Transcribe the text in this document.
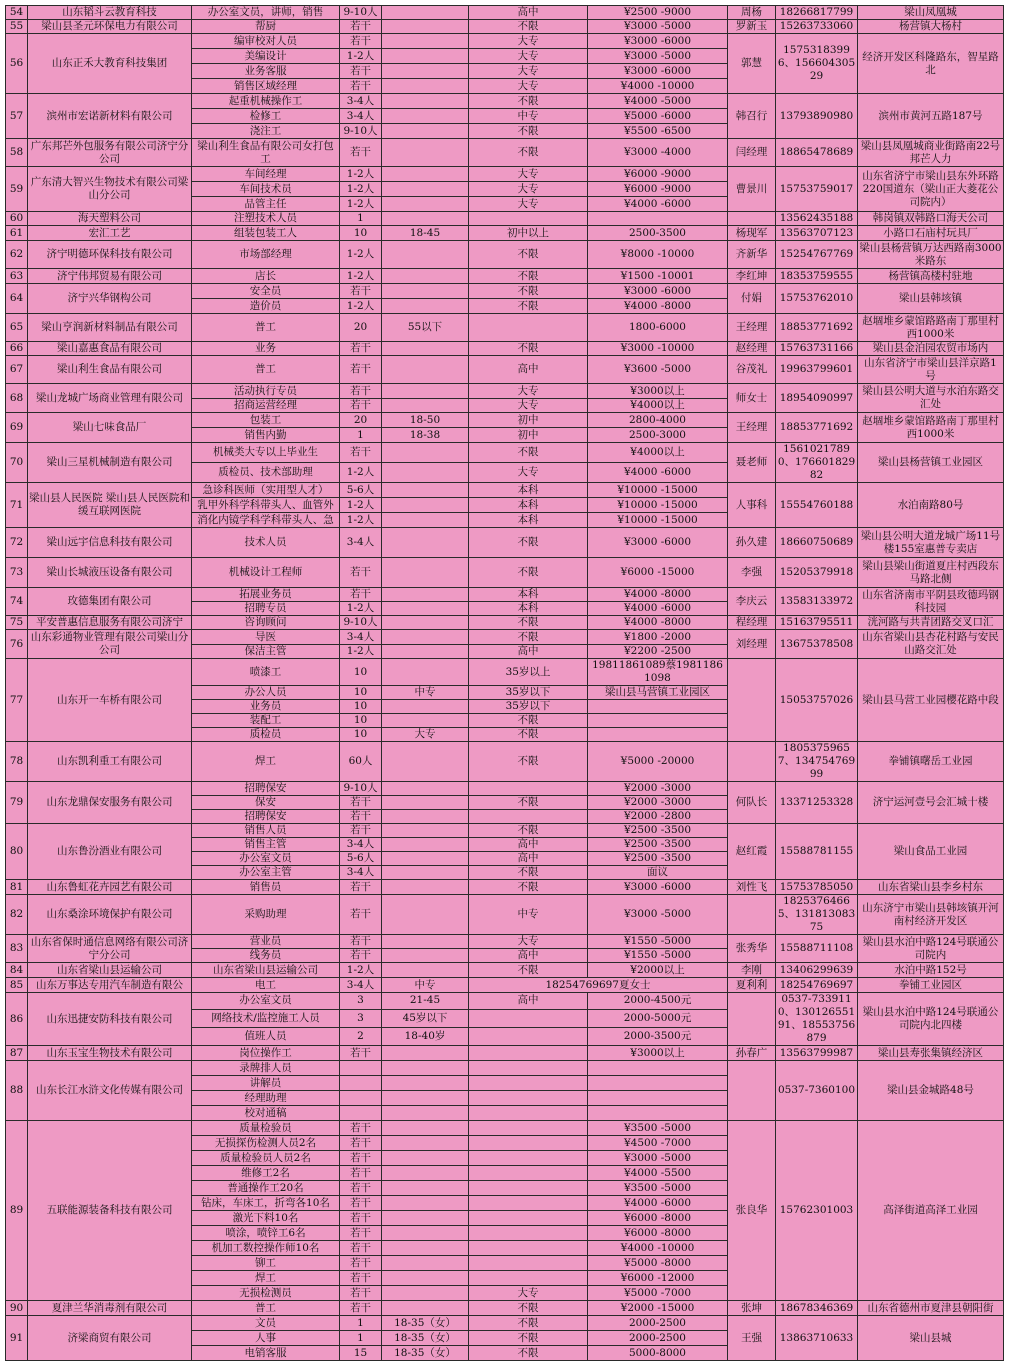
54	山东韬斗云教育科技	办公室文员，讲师，销售	9-10人		高中	¥2500 -9000	周杨	18266817799	梁山凤凰城
55	梁山县圣元环保电力有限公司	帮厨	若干		不限	¥3000 -5000	罗新玉	15263733060	杨营镇大杨村
56	山东正禾大教育科技集团	编审校对人员	若干		大专	¥3000 -6000	郭慧	15753183996、15660430529	经济开发区科隆路东，智星路北
		美编设计	1-2人		大专	¥3000 -5000			
		业务客服	若干		大专	¥3000 -6000			
		销售区域经理	若干		大专	¥4000 -10000			
57	滨州市宏诺新材料有限公司	起重机械操作工	3-4人		不限	¥4000 -5000	韩召行	13793890980	滨州市黄河五路187号
		检修工	3-4人		中专	¥5000 -6000			
		浇注工	9-10人		不限	¥5500 -6500			
58	广东邦芒外包服务有限公司济宁分公司	梁山利生食品有限公司女打包工	若干		不限	¥3000 -4000	闫经理	18865478689	梁山县凤凰城商业街路南22号邦芒人力
59	广东清大智兴生物技术有限公司梁山分公司	车间经理	1-2人		大专	¥6000 -9000	曹景川	15753759017	山东省济宁市梁山县东外环路220国道东（梁山正大菱花公司院内）
		车间技术员	1-2人		大专	¥6000 -9000			
		品管主任	1-2人		大专	¥4000 -6000			
60	海天塑料公司	注塑技术人员	1					13562435188	韩岗镇双韩路口海天公司
61	宏汇工艺	组装包装工人	10	18-45	初中以上	2500-3500	杨现军	13563707123	小路口石庙村玩具厂
62	济宁明德环保科技有限公司	市场部经理	1-2人		不限	¥8000 -10000	齐新华	15254767769	梁山县杨营镇万达西路南3000米路东
63	济宁伟邦贸易有限公司	店长	1-2人		不限	¥1500 -10001	李红坤	18353759555	杨营镇高楼村驻地
64	济宁兴华钢构公司	安全员	若干		不限	¥3000 -6000	付娟	15753762010	梁山县韩垓镇
		造价员	1-2人		不限	¥4000 -8000			
65	梁山亨润新材料制品有限公司	普工	20	55以下		1800-6000	王经理	18853771692	赵堌堆乡蒙馆路路南丁那里村西1000米
66	梁山嘉惠食品有限公司	业务	若干		不限	¥3000 -10000	赵经理	15763731166	梁山县金泊园农贸市场内
67	梁山利生食品有限公司	普工	若干		高中	¥3600 -5000	谷茂礼	19963799601	山东省济宁市梁山县洋京路1号
68	梁山龙城广场商业管理有限公司	活动执行专员	若干		大专	¥3000以上	师女士	18954090997	梁山县公明大道与水泊东路交汇处
		招商运营经理	若干		大专	¥4000以上			
69	梁山七味食品厂	包装工	20	18-50	初中	2800-4000	王经理	18853771692	赵堌堆乡蒙馆路路南丁那里村西1000米
		销售内勤	1	18-38	初中	2500-3000			
70	梁山三星机械制造有限公司	机械类大专以上毕业生	若干		不限	¥4000以上	聂老师	15610217890、17660182982	梁山县杨营镇工业园区
		质检员、技术部助理	1-2人		大专	¥4000 -6000			
71	梁山县人民医院 梁山县人民医院和缓互联网医院	急诊科医师（实用型人才）	5-6人		本科	¥10000 -15000	人事科	15554760188	水泊南路80号
		乳甲外科学科带头人、血管外	1-2人		本科	¥10000 -15000			
		消化内镜学科学科带头人、急	1-2人		本科	¥10000 -15000			
72	梁山远宇信息科技有限公司	技术人员	3-4人		不限	¥3000 -6000	孙久建	18660750689	梁山县公明大道龙城广场11号楼155室惠普专卖店
73	梁山长城液压设备有限公司	机械设计工程师	若干		不限	¥6000 -15000	李强	15205379918	梁山县梁山街道夏庄村西段东马路北侧
74	玫德集团有限公司	拓展业务员	若干		本科	¥4000 -8000	李庆云	13583133972	山东省济南市平阴县玫德玛钢科技园
		招聘专员	1-2人		本科	¥4000 -6000			
75	平安普惠信息服务有限公司济宁	咨询顾问	9-10人		不限	¥4000 -8000	程经理	15163795511	洸河路与共青团路交叉口汇
76	山东彩通物业管理有限公司梁山分公司	导医	3-4人		不限	¥1800 -2000	刘经理	13675378508	山东省梁山县杏花村路与安民山路交汇处
		保洁主管	1-2人		高中	¥2200 -2500			
77	山东开一车桥有限公司	喷漆工	10		35岁以上	19811861089蔡19811861098		15053757026	梁山县马营工业园樱花路中段
		办公人员	10	中专	35岁以下	梁山县马营镇工业园区			
		业务员	10		35岁以下				
		装配工	10		不限				
		质检员	10	大专	不限				
78	山东凯利重工有限公司	焊工	60人		不限	¥5000 -20000		18053759657、13475476999	拳铺镇曙岳工业园
79	山东龙鼎保安服务有限公司	招聘保安	9-10人			¥2000 -3000	何队长	13371253328	济宁运河壹号会汇城十楼
		保安	若干		不限	¥2000 -3000			
		招聘保安	若干			¥2000 -2800			
80	山东鲁汾酒业有限公司	销售人员	若干		不限	¥2500 -3500	赵红霞	15588781155	梁山食品工业园
		销售主管	3-4人		高中	¥2500 -3500			
		办公室文员	5-6人		高中	¥2500 -3500			
		办公室主管	3-4人		不限	面议			
81	山东鲁虹花卉园艺有限公司	销售员	若干		不限	¥3000 -6000	刘性飞	15753785050	山东省梁山县李乡村东
82	山东桑涂环境保护有限公司	采购助理	若干		中专	¥3000 -5000		18253764665、13181308375	山东济宁市梁山县韩垓镇开河南村经济开发区
83	山东省保时通信息网络有限公司济宁分公司	营业员	若干		大专	¥1550 -5000	张秀华	15588711108	梁山县水泊中路124号联通公司院内
		线务员	若干		高中	¥1550 -5000			
84	山东省梁山县运输公司	山东省梁山县运输公司	1-2人		不限	¥2000以上	李刚	13406299639	水泊中路152号
85	山东万事达专用汽车制造有限公	电工	3-4人	中专	18254769697夏女士		夏利利	18254769697	拳铺工业园区
86	山东迅捷安防科技有限公司	办公室文员	3	21-45	高中	2000-4500元		0537-7339110、13012655191、18553756879	梁山县水泊中路124号联通公司院内北四楼
		网络技术/监控施工人员	3	45岁以下		2000-5000元			
		值班人员	2	18-40岁		2000-3500元			
87	山东玉宝生物技术有限公司	岗位操作工	若干			¥3000以上	孙春广	13563799987	梁山县寿张集镇经济区
88	山东长江水浒文化传媒有限公司	录牌排人员						0537-7360100	梁山县金城路48号
		讲解员							
		经理助理							
		校对通稿							
89	五联能源装备科技有限公司	质量检验员	若干			¥3500 -5000	张良华	15762301003	高泽街道高泽工业园
		无损探伤检测人员2名	若干			¥4500 -7000			
		质量检验员人员2名	若干			¥3000 -5000			
		维修工2名	若干			¥4000 -5500			
		普通操作工20名	若干			¥3500 -5000			
		钻床，车床工，折弯各10名	若干			¥4000 -6000			
		激光下料10名	若干			¥6000 -8000			
		喷涂，喷锌工6名	若干			¥6000 -8000			
		机加工数控操作师10名	若干			¥4000 -10000			
		铆工	若干			¥5000 -8000			
		焊工	若干			¥6000 -12000			
		无损检测员	若干		大专	¥5000 -7000			
90	夏津兰华消毒剂有限公司	普工	若干		不限	¥2000 -15000	张坤	18678346369	山东省德州市夏津县朝阳街
91	济梁商贸有限公司	文员	1	18-35（女）	不限	2000-2500	王强	13863710633	梁山县城
		人事	1	18-35（女）	不限	2000-2500			
		电销客服	15	18-35（女）	不限	5000-8000			
